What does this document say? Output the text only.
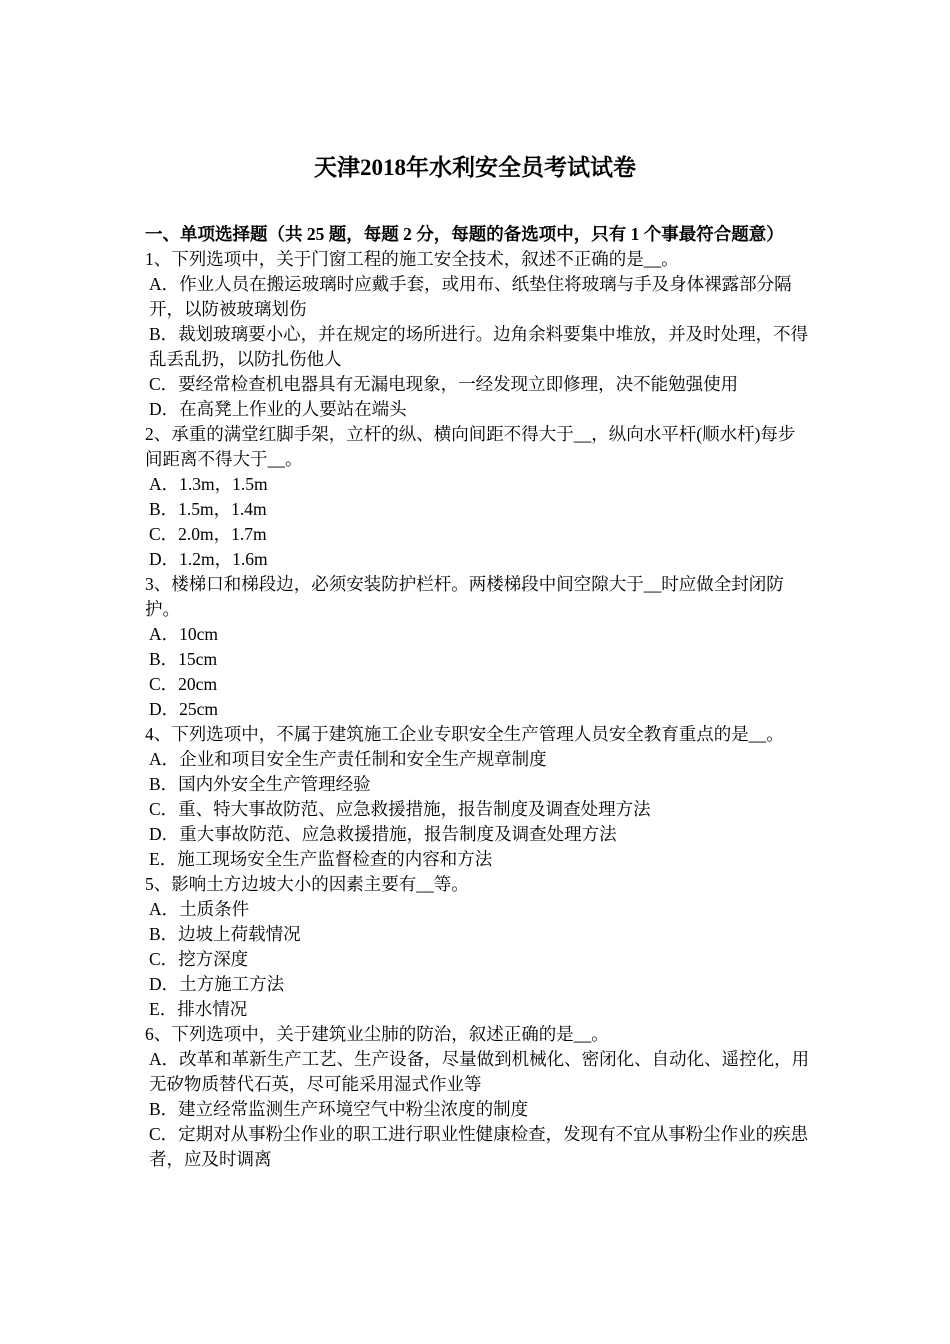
天津2018年水利安全员考试试卷

一、单项选择题（共 25 题，每题 2 分，每题的备选项中，只有 1 个事最符合题意）

1、下列选项中，关于门窗工程的施工安全技术，叙述不正确的是__。

A．作业人员在搬运玻璃时应戴手套，或用布、纸垫住将玻璃与手及身体裸露部分隔开，以防被玻璃划伤

B．裁划玻璃要小心，并在规定的场所进行。边角余料要集中堆放，并及时处理，不得乱丢乱扔，以防扎伤他人

C．要经常检查机电器具有无漏电现象，一经发现立即修理，决不能勉强使用

D．在高凳上作业的人要站在端头

2、承重的满堂红脚手架，立杆的纵、横向间距不得大于__，纵向水平杆(顺水杆)每步间距离不得大于__。

A．1.3m，1.5m

B．1.5m，1.4m

C．2.0m，1.7m

D．1.2m，1.6m

3、楼梯口和梯段边，必须安装防护栏杆。两楼梯段中间空隙大于__时应做全封闭防护。

A．10cm

B．15cm

C．20cm

D．25cm

4、下列选项中，不属于建筑施工企业专职安全生产管理人员安全教育重点的是__。

A．企业和项目安全生产责任制和安全生产规章制度

B．国内外安全生产管理经验

C．重、特大事故防范、应急救援措施，报告制度及调查处理方法

D．重大事故防范、应急救援措施，报告制度及调查处理方法

E．施工现场安全生产监督检查的内容和方法

5、影响土方边坡大小的因素主要有__等。

A．土质条件

B．边坡上荷载情况

C．挖方深度

D．土方施工方法

E．排水情况

6、下列选项中，关于建筑业尘肺的防治，叙述正确的是__。

A．改革和革新生产工艺、生产设备，尽量做到机械化、密闭化、自动化、遥控化，用无矽物质替代石英，尽可能采用湿式作业等

B．建立经常监测生产环境空气中粉尘浓度的制度

C．定期对从事粉尘作业的职工进行职业性健康检查，发现有不宜从事粉尘作业的疾患者，应及时调离
